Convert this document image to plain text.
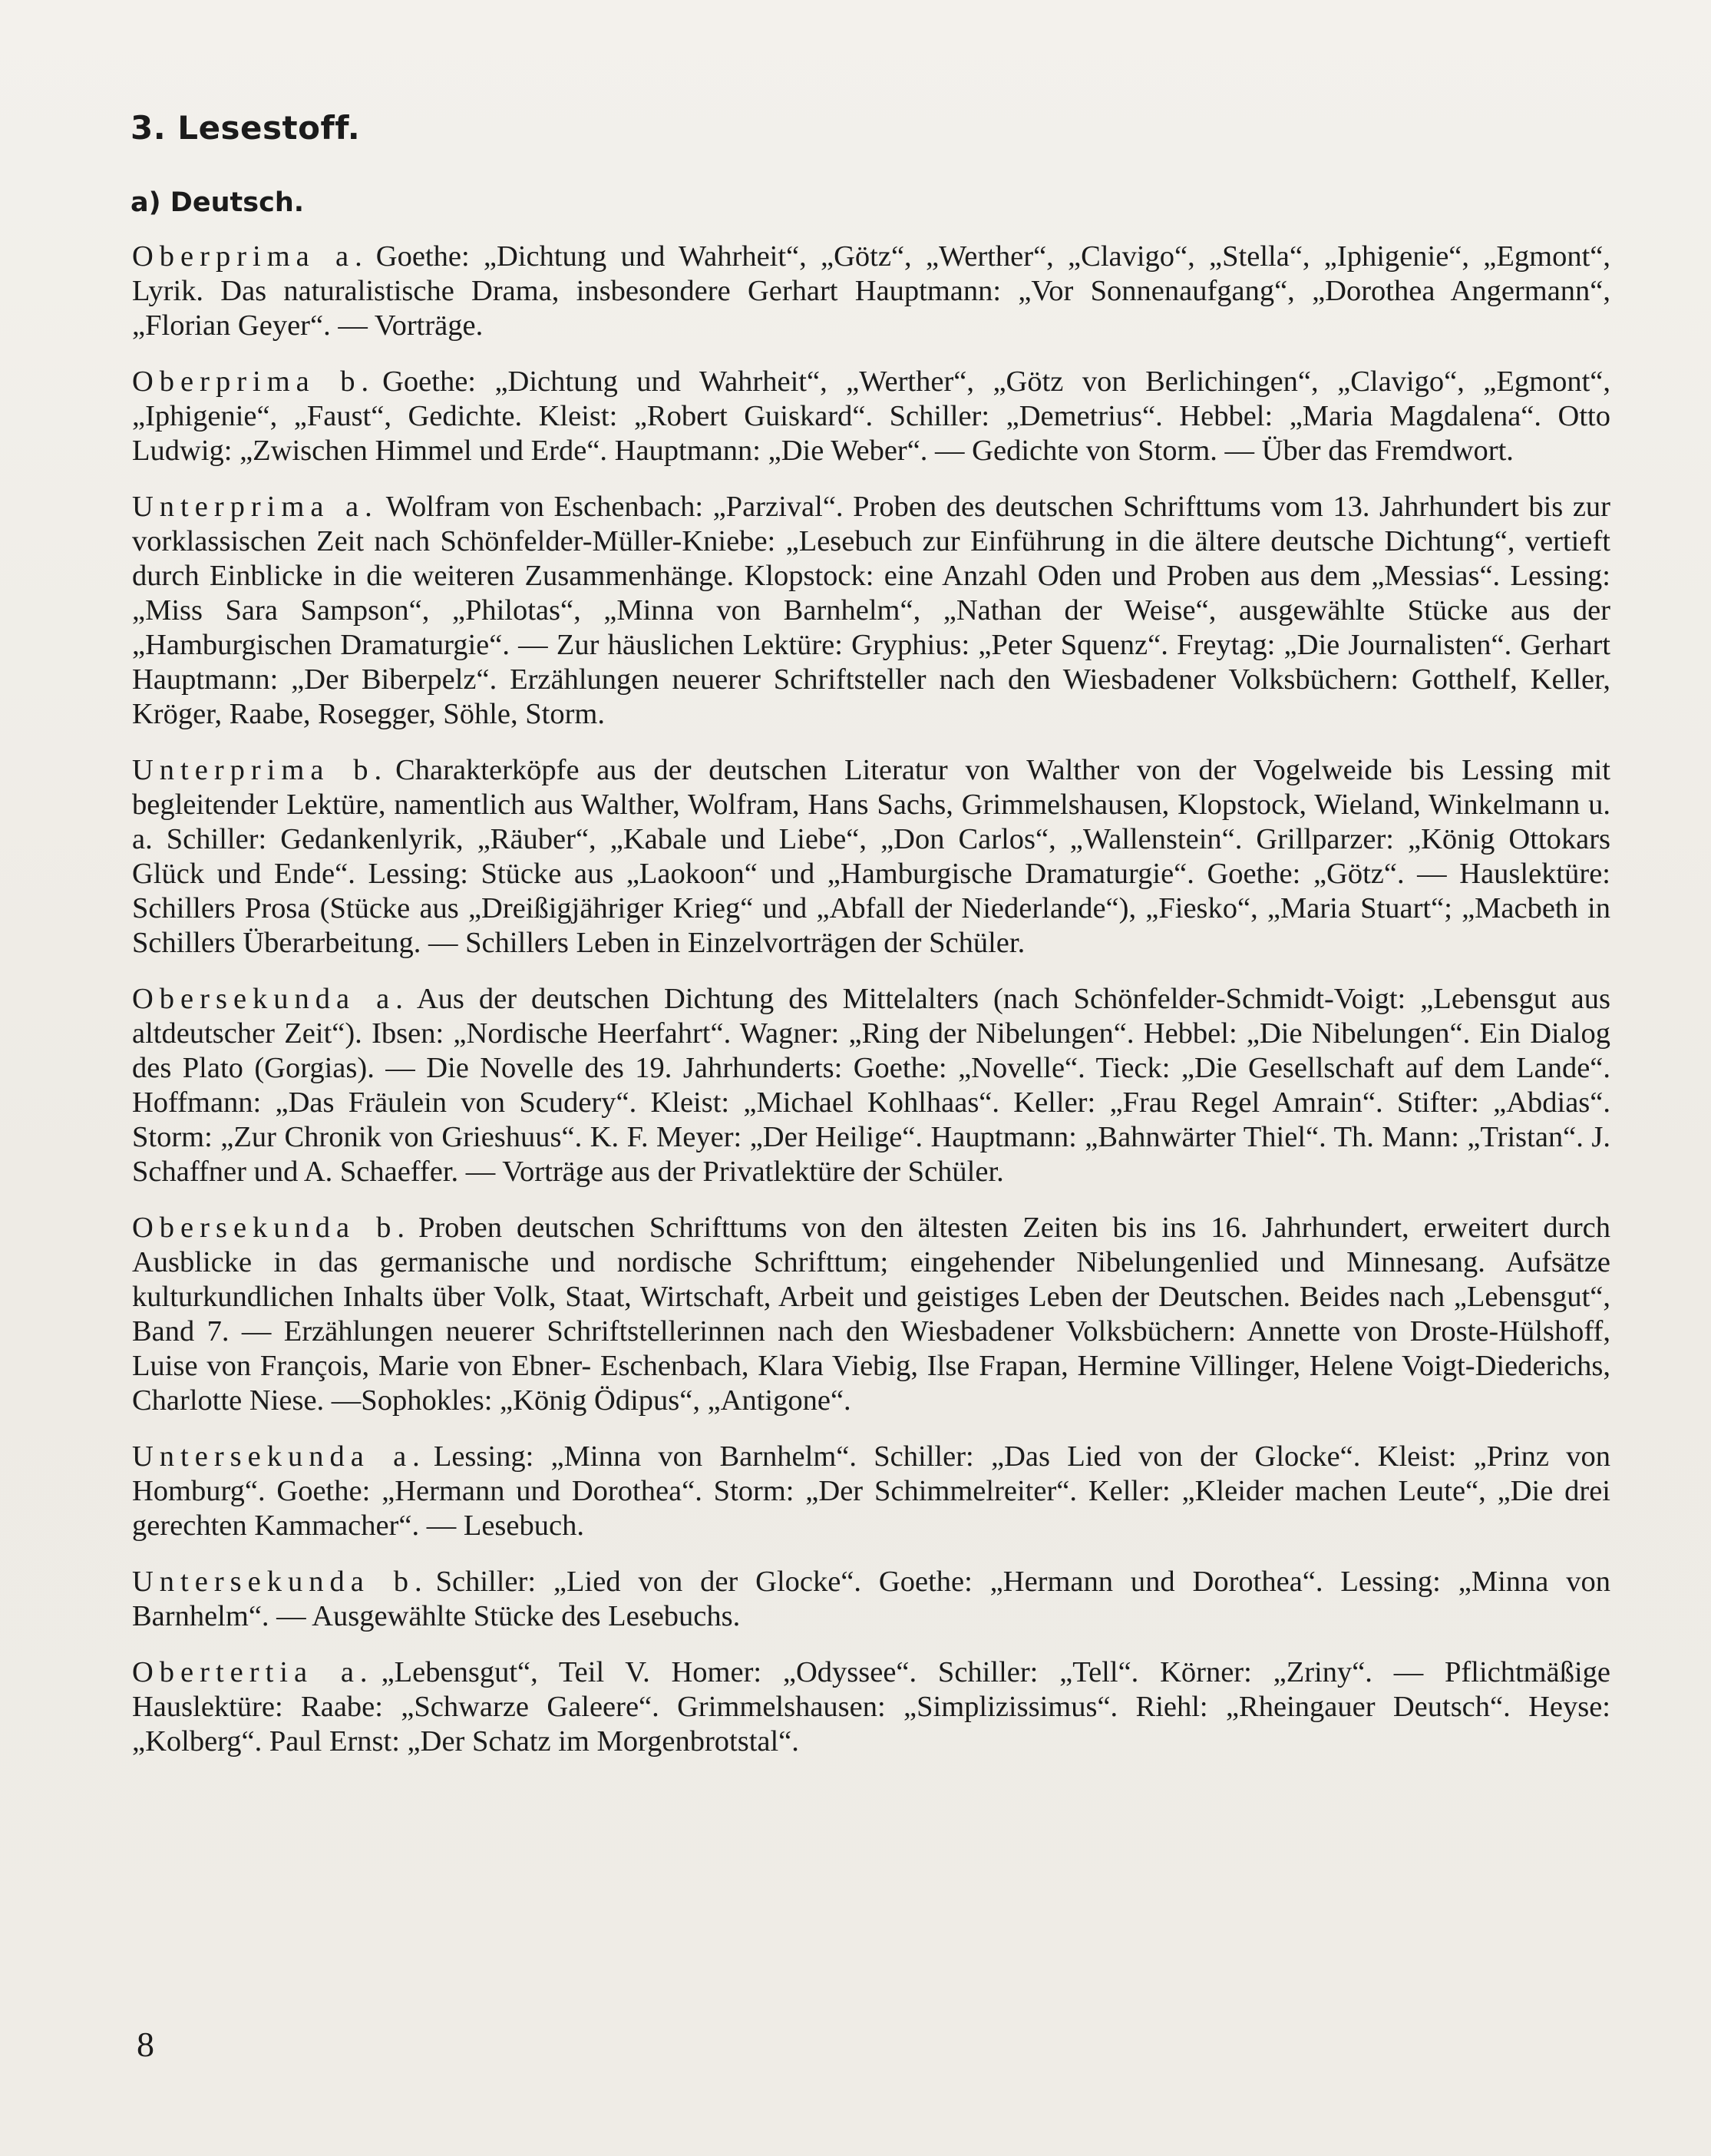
3. Lesestoff.
a) Deutsch.

Oberprima a. Goethe: „Dichtung und Wahrheit“, „Götz“, „Werther“, „Clavigo“, „Stella“, „Iphigenie“, „Egmont“, Lyrik. Das naturalistische Drama, insbesondere Gerhart Hauptmann: „Vor Sonnenaufgang“, „Dorothea Angermann“, „Florian Geyer“. — Vorträge.

Oberprima b. Goethe: „Dichtung und Wahrheit“, „Werther“, „Götz von Berlichingen“, „Clavigo“, „Egmont“, „Iphigenie“, „Faust“, Gedichte. Kleist: „Robert Guiskard“. Schiller: „Demetrius“. Hebbel: „Maria Magdalena“. Otto Ludwig: „Zwischen Himmel und Erde“. Hauptmann: „Die Weber“. — Gedichte von Storm. — Über das Fremdwort.

Unterprima a. Wolfram von Eschenbach: „Parzival“. Proben des deutschen Schrifttums vom 13. Jahrhundert bis zur vorklassischen Zeit nach Schönfelder-Müller-Kniebe: „Lesebuch zur Einführung in die ältere deutsche Dichtung“, vertieft durch Einblicke in die weiteren Zusammenhänge. Klopstock: eine Anzahl Oden und Proben aus dem „Messias“. Lessing: „Miss Sara Sampson“, „Philotas“, „Minna von Barnhelm“, „Nathan der Weise“, ausgewählte Stücke aus der „Hamburgischen Dramaturgie“. — Zur häuslichen Lektüre: Gryphius: „Peter Squenz“. Freytag: „Die Journalisten“. Gerhart Hauptmann: „Der Biberpelz“. Erzählungen neuerer Schriftsteller nach den Wiesbadener Volksbüchern: Gotthelf, Keller, Kröger, Raabe, Rosegger, Söhle, Storm.

Unterprima b. Charakterköpfe aus der deutschen Literatur von Walther von der Vogelweide bis Lessing mit begleitender Lektüre, namentlich aus Walther, Wolfram, Hans Sachs, Grimmelshausen, Klopstock, Wieland, Winkelmann u. a. Schiller: Gedankenlyrik, „Räuber“, „Kabale und Liebe“, „Don Carlos“, „Wallenstein“. Grillparzer: „König Ottokars Glück und Ende“. Lessing: Stücke aus „Laokoon“ und „Hamburgische Dramaturgie“. Goethe: „Götz“. — Hauslektüre: Schillers Prosa (Stücke aus „Dreißigjähriger Krieg“ und „Abfall der Niederlande“), „Fiesko“, „Maria Stuart“; „Macbeth in Schillers Überarbeitung. — Schillers Leben in Einzelvorträgen der Schüler.

Obersekunda a. Aus der deutschen Dichtung des Mittelalters (nach Schönfelder-Schmidt-Voigt: „Lebensgut aus altdeutscher Zeit“). Ibsen: „Nordische Heerfahrt“. Wagner: „Ring der Nibelungen“. Hebbel: „Die Nibelungen“. Ein Dialog des Plato (Gorgias). — Die Novelle des 19. Jahrhunderts: Goethe: „Novelle“. Tieck: „Die Gesellschaft auf dem Lande“. Hoffmann: „Das Fräulein von Scudery“. Kleist: „Michael Kohlhaas“. Keller: „Frau Regel Amrain“. Stifter: „Abdias“. Storm: „Zur Chronik von Grieshuus“. K. F. Meyer: „Der Heilige“. Hauptmann: „Bahnwärter Thiel“. Th. Mann: „Tristan“. J. Schaffner und A. Schaeffer. — Vorträge aus der Privatlektüre der Schüler.

Obersekunda b. Proben deutschen Schrifttums von den ältesten Zeiten bis ins 16. Jahrhundert, erweitert durch Ausblicke in das germanische und nordische Schrifttum; eingehender Nibelungenlied und Minnesang. Aufsätze kulturkundlichen Inhalts über Volk, Staat, Wirtschaft, Arbeit und geistiges Leben der Deutschen. Beides nach „Lebensgut“, Band 7. — Erzählungen neuerer Schriftstellerinnen nach den Wiesbadener Volksbüchern: Annette von Droste-Hülshoff, Luise von François, Marie von Ebner- Eschenbach, Klara Viebig, Ilse Frapan, Hermine Villinger, Helene Voigt-Diederichs, Charlotte Niese. —Sophokles: „König Ödipus“, „Antigone“.

Untersekunda a. Lessing: „Minna von Barnhelm“. Schiller: „Das Lied von der Glocke“. Kleist: „Prinz von Homburg“. Goethe: „Hermann und Dorothea“. Storm: „Der Schimmelreiter“. Keller: „Kleider machen Leute“, „Die drei gerechten Kammacher“. — Lesebuch.

Untersekunda b. Schiller: „Lied von der Glocke“. Goethe: „Hermann und Dorothea“. Lessing: „Minna von Barnhelm“. — Ausgewählte Stücke des Lesebuchs.

Obertertia a. „Lebensgut“, Teil V. Homer: „Odyssee“. Schiller: „Tell“. Körner: „Zriny“. — Pflichtmäßige Hauslektüre: Raabe: „Schwarze Galeere“. Grimmelshausen: „Simplizissimus“. Riehl: „Rheingauer Deutsch“. Heyse: „Kolberg“. Paul Ernst: „Der Schatz im Morgenbrotstal“.

8
